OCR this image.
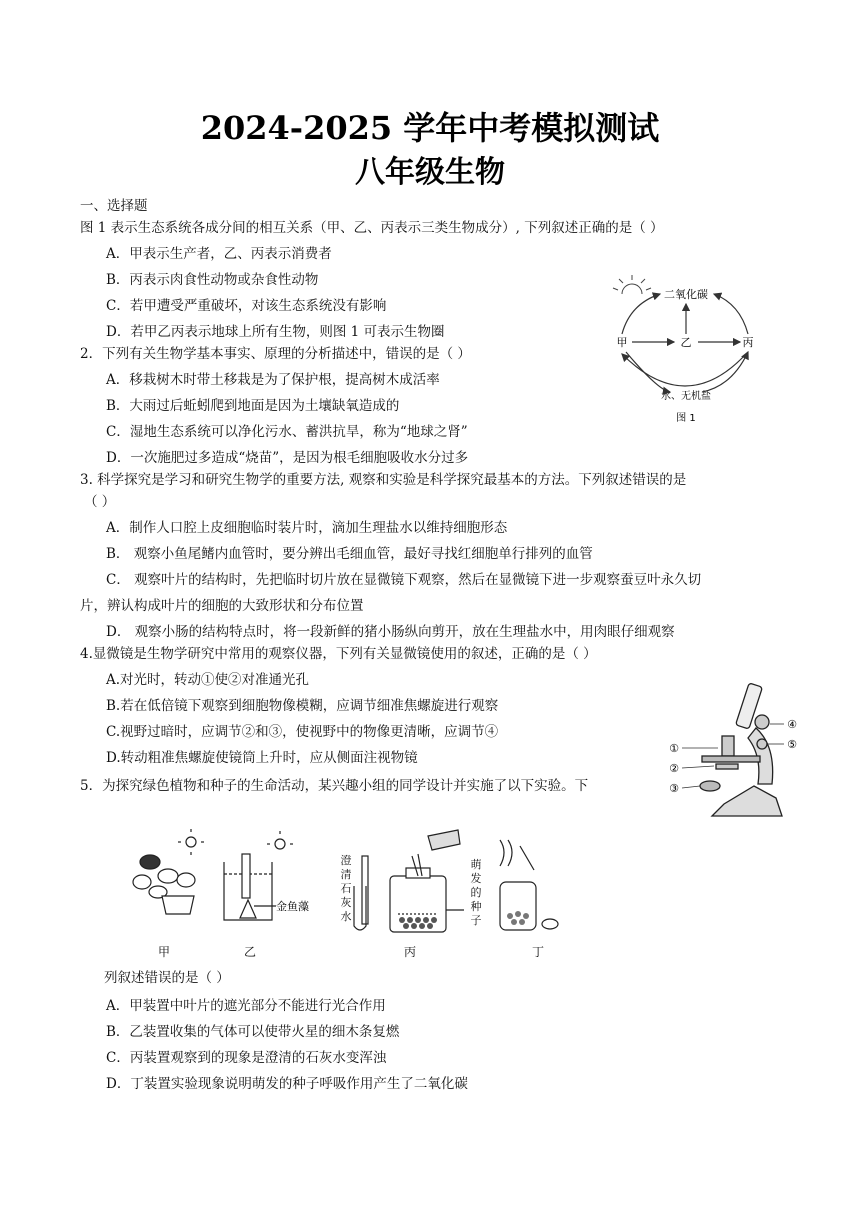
2024-2025 学年中考模拟测试
八年级生物
一、选择题
图 1 表示生态系统各成分间的相互关系（甲、乙、丙表示三类生物成分）, 下列叙述正确的是（ ）
A．甲表示生产者，乙、丙表示消费者
B．丙表示肉食性动物或杂食性动物
C．若甲遭受严重破坏，对该生态系统没有影响
D．若甲乙丙表示地球上所有生物，则图 1 可表示生物圈
二氧化碳
甲	乙	丙
水、无机盐
图 1
2．下列有关生物学基本事实、原理的分析描述中，错误的是（ ）
A．移栽树木时带土移栽是为了保护根，提高树木成活率
B．大雨过后蚯蚓爬到地面是因为土壤缺氧造成的
C．湿地生态系统可以净化污水、蓄洪抗旱，称为“地球之肾”
D．一次施肥过多造成“烧苗”，是因为根毛细胞吸收水分过多
3. 科学探究是学习和研究生物学的重要方法, 观察和实验是科学探究最基本的方法。下列叙述错误的是
（ ）
A．制作人口腔上皮细胞临时装片时，滴加生理盐水以维持细胞形态
B． 观察小鱼尾鳍内血管时，要分辨出毛细血管，最好寻找红细胞单行排列的血管
C． 观察叶片的结构时，先把临时切片放在显微镜下观察，然后在显微镜下进一步观察蚕豆叶永久切
片，辨认构成叶片的细胞的大致形状和分布位置
D． 观察小肠的结构特点时，将一段新鲜的猪小肠纵向剪开，放在生理盐水中，用肉眼仔细观察
4.显微镜是生物学研究中常用的观察仪器，下列有关显微镜使用的叙述，正确的是（ ）
A.对光时，转动①使②对准通光孔
B.若在低倍镜下观察到细胞物像模糊，应调节细准焦螺旋进行观察
C.视野过暗时，应调节②和③，使视野中的物像更清晰，应调节④
D.转动粗准焦螺旋使镜筒上升时，应从侧面注视物镜
①
②
③
④
⑤
5．为探究绿色植物和种子的生命活动，某兴趣小组的同学设计并实施了以下实验。下
金鱼藻
甲	乙	丙	丁
澄
清
石
灰
水
萌
发
的
种
子
列叙述错误的是（ ）
A．甲装置中叶片的遮光部分不能进行光合作用
B．乙装置收集的气体可以使带火星的细木条复燃
C．丙装置观察到的现象是澄清的石灰水变浑浊
D．丁装置实验现象说明萌发的种子呼吸作用产生了二氧化碳
